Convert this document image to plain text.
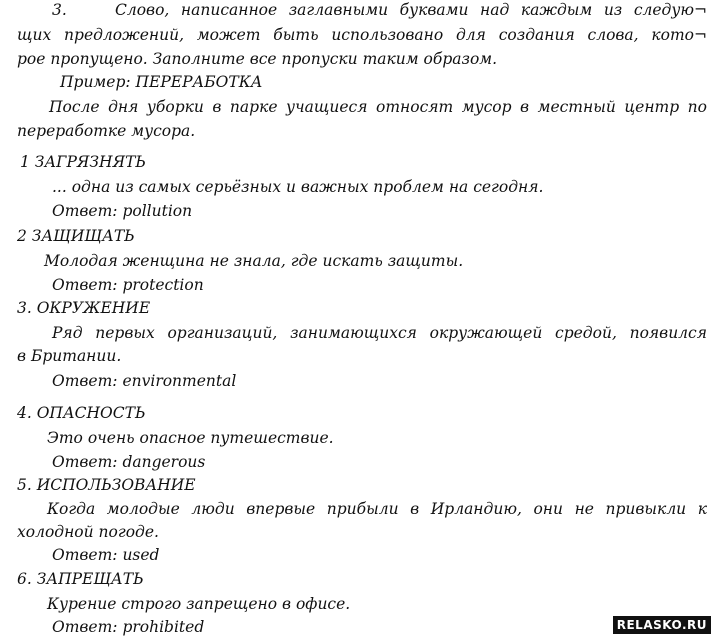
3.	Слово, написанное заглавными буквами над каждым из следую¬
щих предложений, может быть использовано для создания слова, кото¬
рое пропущено. Заполните все пропуски таким образом.
Пример: ПЕРЕРАБОТКА
После дня уборки в парке учащиеся относят мусор в местный центр по
переработке мусора.
1 ЗАГРЯЗНЯТЬ
... одна из самых серьёзных и важных проблем на сегодня.
Ответ: pollution
2 ЗАЩИЩАТЬ
Молодая женщина не знала, где искать защиты.
Ответ: protection
3. ОКРУЖЕНИЕ
Ряд первых организаций, занимающихся окружающей средой, появился
в Британии.
Ответ: environmental
4. ОПАСНОСТЬ
Это очень опасное путешествие.
Ответ: dangerous
5. ИСПОЛЬЗОВАНИЕ
Когда молодые люди впервые прибыли в Ирландию, они не привыкли к
холодной погоде.
Ответ: used
6. ЗАПРЕЩАТЬ
Курение строго запрещено в офисе.
Ответ: prohibited	RELASKO.RU
